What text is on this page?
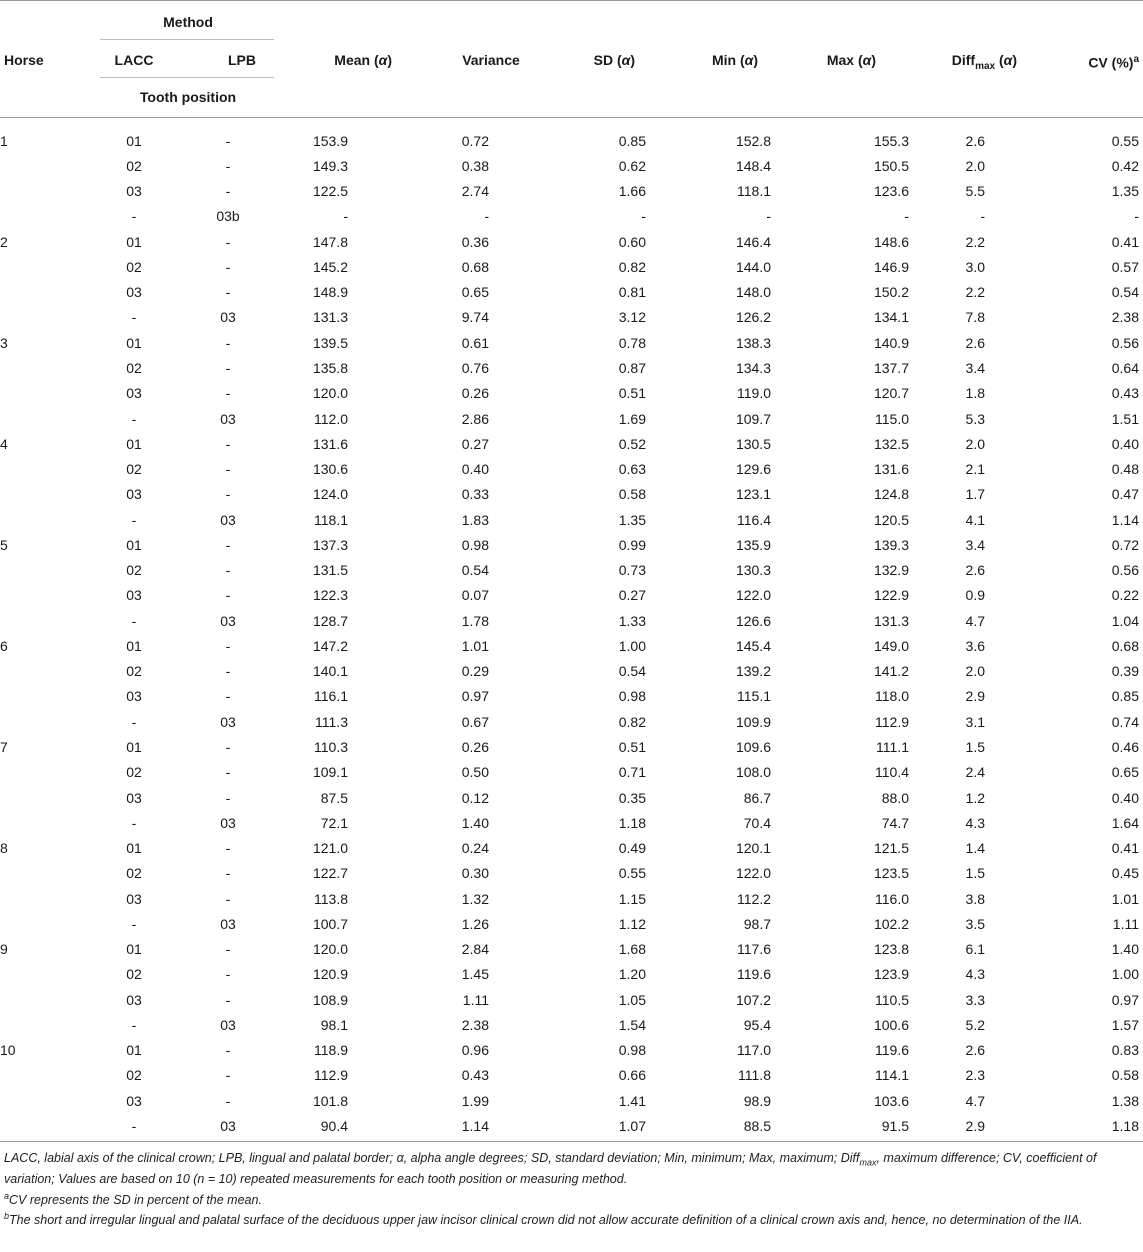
Horse
Method
LACC	LPB
Tooth position
Mean (α)	Variance	SD (α)	Min (α)	Max (α)	Diff$_{max}$ (α)	CV (%)$^a$
1	01	-	153.9	0.72	0.85	152.8	155.3	2.6	0.55
	02	-	149.3	0.38	0.62	148.4	150.5	2.0	0.42
	03	-	122.5	2.74	1.66	118.1	123.6	5.5	1.35
	-	03b	-	-	-	-	-	-	-
2	01	-	147.8	0.36	0.60	146.4	148.6	2.2	0.41
	02	-	145.2	0.68	0.82	144.0	146.9	3.0	0.57
	03	-	148.9	0.65	0.81	148.0	150.2	2.2	0.54
	-	03	131.3	9.74	3.12	126.2	134.1	7.8	2.38
3	01	-	139.5	0.61	0.78	138.3	140.9	2.6	0.56
	02	-	135.8	0.76	0.87	134.3	137.7	3.4	0.64
	03	-	120.0	0.26	0.51	119.0	120.7	1.8	0.43
	-	03	112.0	2.86	1.69	109.7	115.0	5.3	1.51
4	01	-	131.6	0.27	0.52	130.5	132.5	2.0	0.40
	02	-	130.6	0.40	0.63	129.6	131.6	2.1	0.48
	03	-	124.0	0.33	0.58	123.1	124.8	1.7	0.47
	-	03	118.1	1.83	1.35	116.4	120.5	4.1	1.14
5	01	-	137.3	0.98	0.99	135.9	139.3	3.4	0.72
	02	-	131.5	0.54	0.73	130.3	132.9	2.6	0.56
	03	-	122.3	0.07	0.27	122.0	122.9	0.9	0.22
	-	03	128.7	1.78	1.33	126.6	131.3	4.7	1.04
6	01	-	147.2	1.01	1.00	145.4	149.0	3.6	0.68
	02	-	140.1	0.29	0.54	139.2	141.2	2.0	0.39
	03	-	116.1	0.97	0.98	115.1	118.0	2.9	0.85
	-	03	111.3	0.67	0.82	109.9	112.9	3.1	0.74
7	01	-	110.3	0.26	0.51	109.6	111.1	1.5	0.46
	02	-	109.1	0.50	0.71	108.0	110.4	2.4	0.65
	03	-	87.5	0.12	0.35	86.7	88.0	1.2	0.40
	-	03	72.1	1.40	1.18	70.4	74.7	4.3	1.64
8	01	-	121.0	0.24	0.49	120.1	121.5	1.4	0.41
	02	-	122.7	0.30	0.55	122.0	123.5	1.5	0.45
	03	-	113.8	1.32	1.15	112.2	116.0	3.8	1.01
	-	03	100.7	1.26	1.12	98.7	102.2	3.5	1.11
9	01	-	120.0	2.84	1.68	117.6	123.8	6.1	1.40
	02	-	120.9	1.45	1.20	119.6	123.9	4.3	1.00
	03	-	108.9	1.11	1.05	107.2	110.5	3.3	0.97
	-	03	98.1	2.38	1.54	95.4	100.6	5.2	1.57
10	01	-	118.9	0.96	0.98	117.0	119.6	2.6	0.83
	02	-	112.9	0.43	0.66	111.8	114.1	2.3	0.58
	03	-	101.8	1.99	1.41	98.9	103.6	4.7	1.38
	-	03	90.4	1.14	1.07	88.5	91.5	2.9	1.18

LACC, labial axis of the clinical crown; LPB, lingual and palatal border; α, alpha angle degrees; SD, standard deviation; Min, minimum; Max, maximum; Diff$_{max}$, maximum difference; CV, coefficient of variation; Values are based on 10 (n = 10) repeated measurements for each tooth position or measuring method.

$^a$CV represents the SD in percent of the mean.

$^b$The short and irregular lingual and palatal surface of the deciduous upper jaw incisor clinical crown did not allow accurate definition of a clinical crown axis and, hence, no determination of the IIA.
